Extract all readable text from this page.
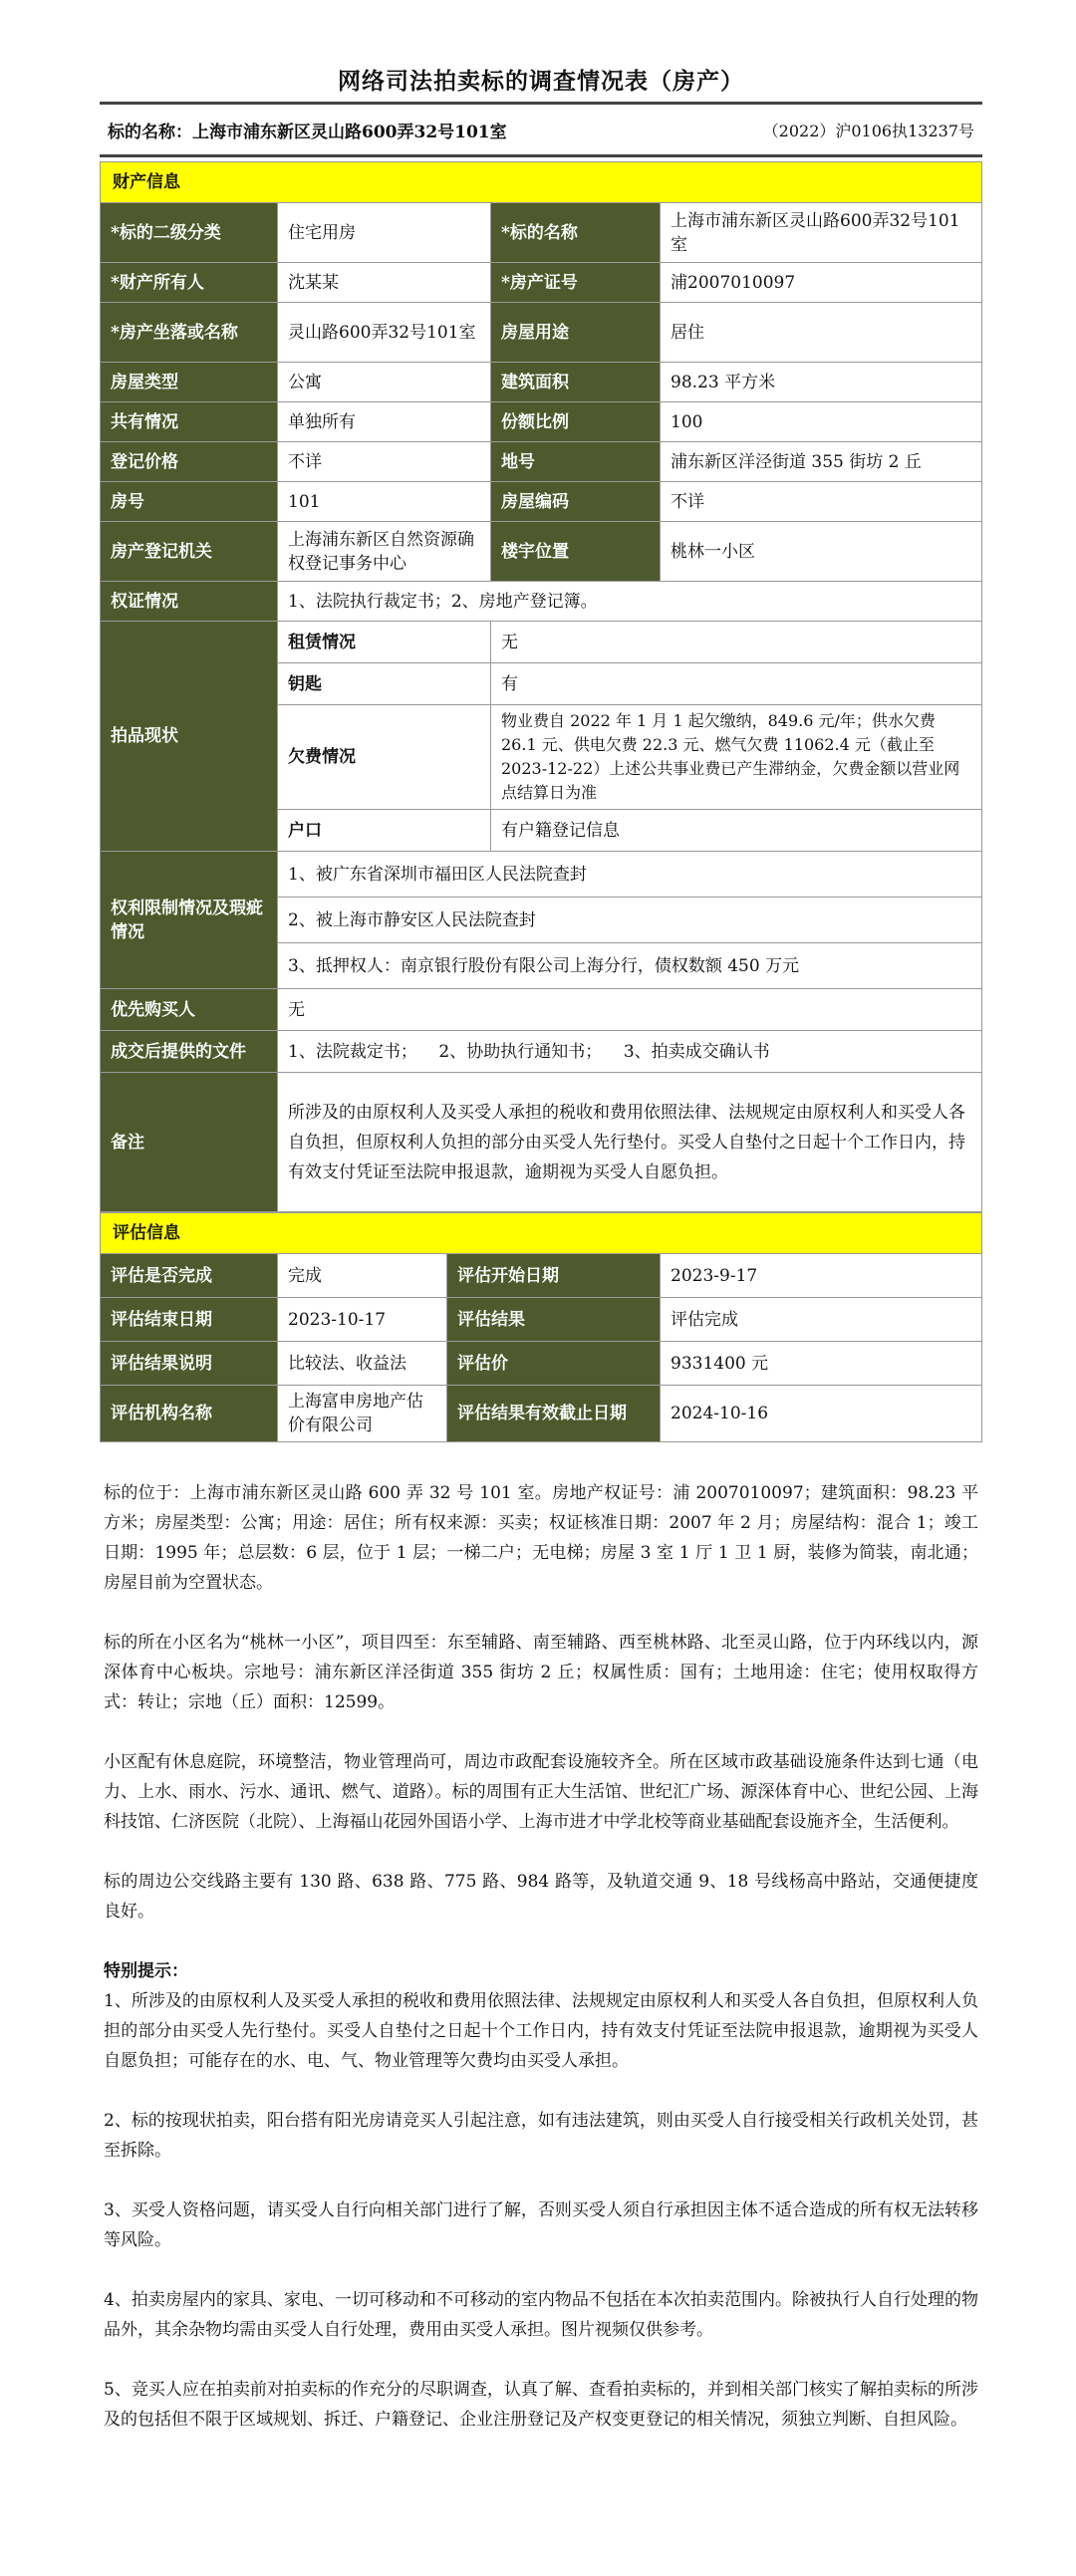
网络司法拍卖标的调查情况表（房产）
标的名称：上海市浦东新区灵山路600弄32号101室	（2022）沪0106执13237号
财产信息
*标的二级分类	住宅用房	*标的名称	上海市浦东新区灵山路600弄32号101室
*财产所有人	沈某某	*房产证号	浦2007010097
*房产坐落或名称	灵山路600弄32号101室	房屋用途	居住
房屋类型	公寓	建筑面积	98.23 平方米
共有情况	单独所有	份额比例	100
登记价格	不详	地号	浦东新区洋泾街道 355 街坊 2 丘
房号	101	房屋编码	不详
房产登记机关	上海浦东新区自然资源确权登记事务中心	楼宇位置	桃林一小区
权证情况	1、法院执行裁定书；2、房地产登记簿。		
拍品现状	租赁情况	无	
	钥匙	有	
	欠费情况	物业费自 2022 年 1 月 1 起欠缴纳，849.6 元/年；供水欠费 26.1 元、供电欠费 22.3 元、燃气欠费 11062.4 元（截止至 2023-12-22）上述公共事业费已产生滞纳金，欠费金额以营业网点结算日为准	
	户口	有户籍登记信息	
权利限制情况及瑕疵情况	1、被广东省深圳市福田区人民法院查封		
	2、被上海市静安区人民法院查封		
	3、抵押权人：南京银行股份有限公司上海分行，债权数额 450 万元		
优先购买人	无		
成交后提供的文件	1、法院裁定书；    2、协助执行通知书；    3、拍卖成交确认书		
备注	所涉及的由原权利人及买受人承担的税收和费用依照法律、法规规定由原权利人和买受人各自负担，但原权利人负担的部分由买受人先行垫付。买受人自垫付之日起十个工作日内，持有效支付凭证至法院申报退款，逾期视为买受人自愿负担。		
评估信息
评估是否完成	完成	评估开始日期	2023-9-17
评估结束日期	2023-10-17	评估结果	评估完成
评估结果说明	比较法、收益法	评估价	9331400 元
评估机构名称	上海富申房地产估价有限公司	评估结果有效截止日期	2024-10-16

标的位于：上海市浦东新区灵山路 600 弄 32 号 101 室。房地产权证号：浦 2007010097；建筑面积：98.23 平方米；房屋类型：公寓；用途：居住；所有权来源：买卖；权证核准日期：2007 年 2 月；房屋结构：混合 1；竣工日期：1995 年；总层数：6 层，位于 1 层；一梯二户；无电梯；房屋 3 室 1 厅 1 卫 1 厨，装修为简装，南北通；房屋目前为空置状态。

标的所在小区名为“桃林一小区”，项目四至：东至辅路、南至辅路、西至桃林路、北至灵山路，位于内环线以内，源深体育中心板块。宗地号：浦东新区洋泾街道 355 街坊 2 丘；权属性质：国有；土地用途：住宅；使用权取得方式：转让；宗地（丘）面积：12599。

小区配有休息庭院，环境整洁，物业管理尚可，周边市政配套设施较齐全。所在区域市政基础设施条件达到七通（电力、上水、雨水、污水、通讯、燃气、道路）。标的周围有正大生活馆、世纪汇广场、源深体育中心、世纪公园、上海科技馆、仁济医院（北院）、上海福山花园外国语小学、上海市进才中学北校等商业基础配套设施齐全，生活便利。

标的周边公交线路主要有 130 路、638 路、775 路、984 路等，及轨道交通 9、18 号线杨高中路站，交通便捷度良好。

特别提示：

1、所涉及的由原权利人及买受人承担的税收和费用依照法律、法规规定由原权利人和买受人各自负担，但原权利人负担的部分由买受人先行垫付。买受人自垫付之日起十个工作日内，持有效支付凭证至法院申报退款，逾期视为买受人自愿负担；可能存在的水、电、气、物业管理等欠费均由买受人承担。

2、标的按现状拍卖，阳台搭有阳光房请竞买人引起注意，如有违法建筑，则由买受人自行接受相关行政机关处罚，甚至拆除。

3、买受人资格问题，请买受人自行向相关部门进行了解，否则买受人须自行承担因主体不适合造成的所有权无法转移等风险。

4、拍卖房屋内的家具、家电、一切可移动和不可移动的室内物品不包括在本次拍卖范围内。除被执行人自行处理的物品外，其余杂物均需由买受人自行处理，费用由买受人承担。图片视频仅供参考。

5、竞买人应在拍卖前对拍卖标的作充分的尽职调查，认真了解、查看拍卖标的，并到相关部门核实了解拍卖标的所涉及的包括但不限于区域规划、拆迁、户籍登记、企业注册登记及产权变更登记的相关情况，须独立判断、自担风险。
